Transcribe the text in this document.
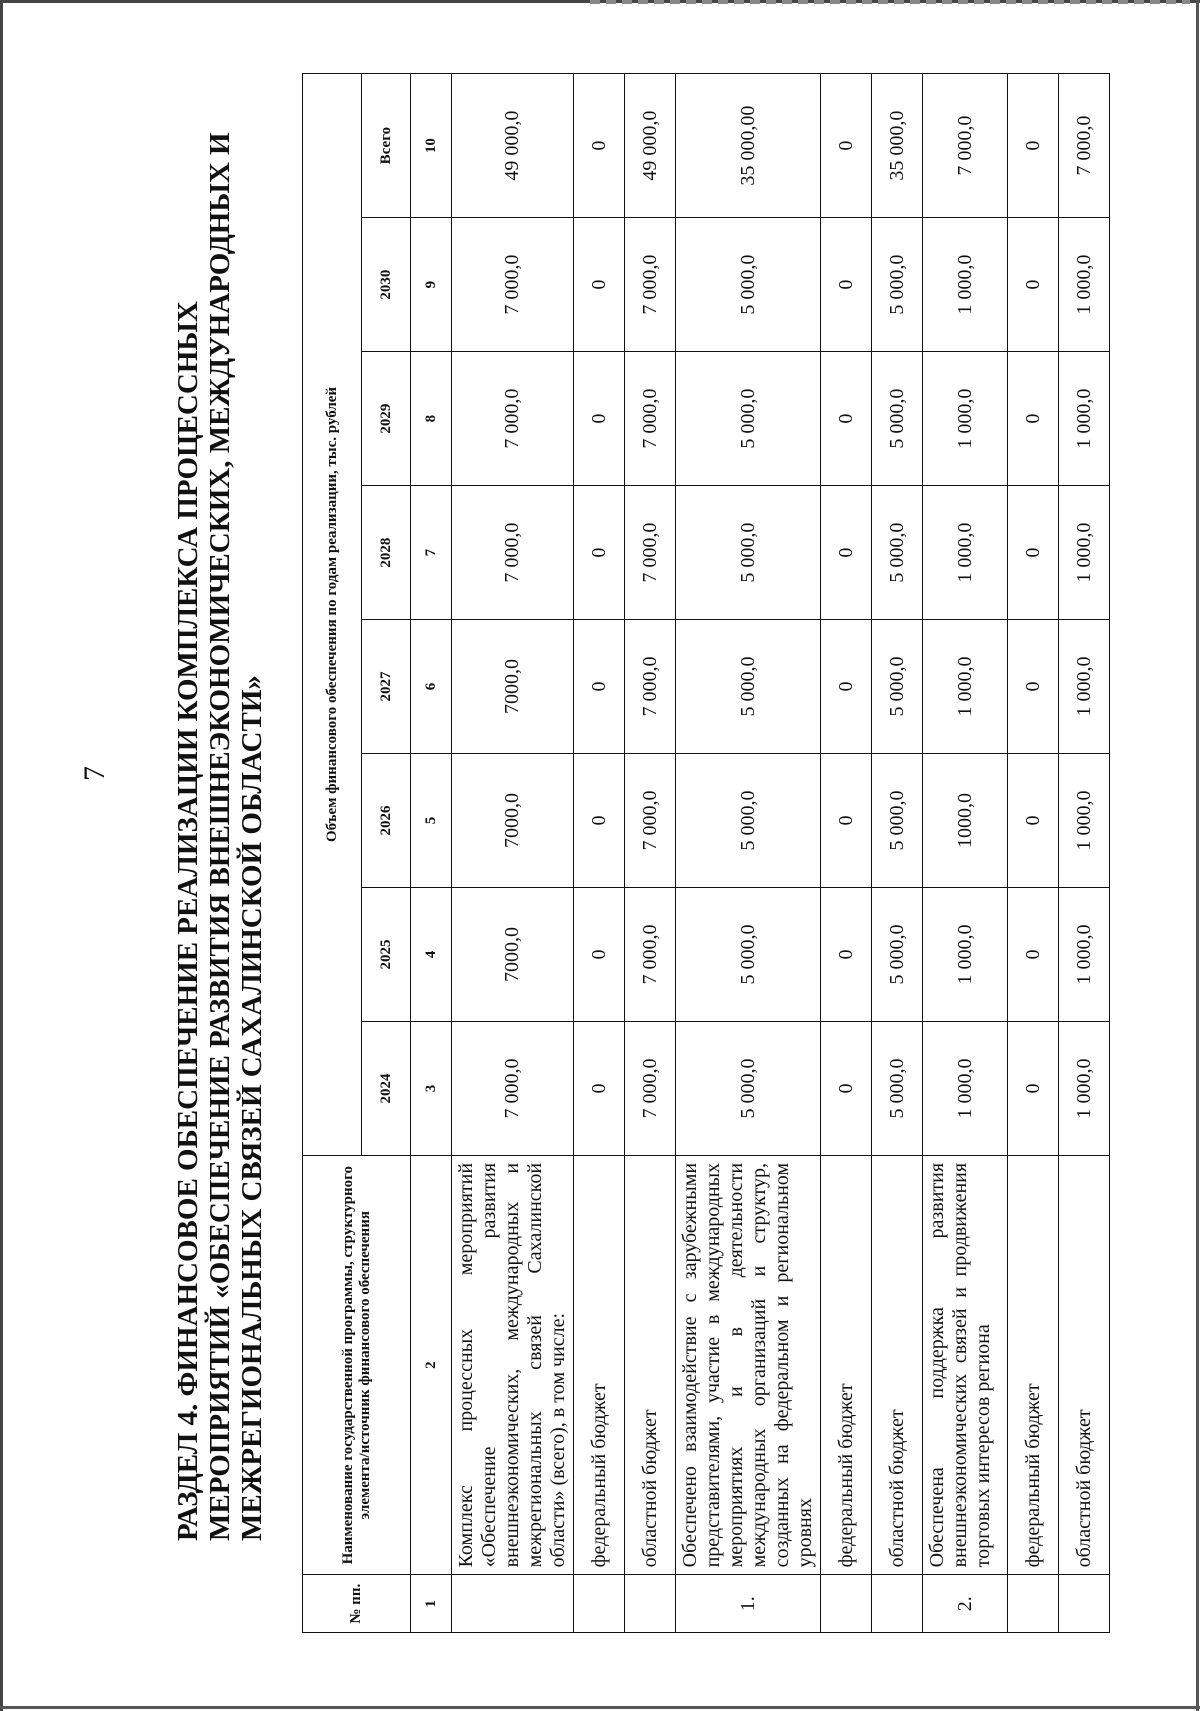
7 РАЗДЕЛ 4. ФИНАНСОВОЕ ОБЕСПЕЧЕНИЕ РЕАЛИЗАЦИИ КОМПЛЕКСА ПРОЦЕССНЫХ МЕРОПРИЯТИЙ «ОБЕСПЕЧЕНИЕ РАЗВИТИЯ ВНЕШНЕЭКОНОМИЧЕСКИХ, МЕЖДУНАРОДНЫХ И МЕЖРЕГИОНАЛЬНЫХ СВЯЗЕЙ САХАЛИНСКОЙ ОБЛАСТИ»
№ пп.	Наименование государственной программы, структурного элемента/источник финансового обеспечения	Объем финансового обеспечения по годам реализации, тыс. рублей							
		2024	2025	2026	2027	2028	2029	2030	Всего
1	2	3	4	5	6	7	8	9	10
	Комплекс процессных мероприятий «Обеспечение развития внешнеэкономических, международных и межрегиональных связей Сахалинской области» (всего), в том числе:	7 000,0	7000,0	7000,0	7000,0	7 000,0	7 000,0	7 000,0	49 000,0
	федеральный бюджет	0	0	0	0	0	0	0	0
	областной бюджет	7 000,0	7 000,0	7 000,0	7 000,0	7 000,0	7 000,0	7 000,0	49 000,0
1.	Обеспечено взаимодействие с зарубежными представителями, участие в международных мероприятиях и в деятельности международных организаций и структур, созданных на федеральном и региональном уровнях	5 000,0	5 000,0	5 000,0	5 000,0	5 000,0	5 000,0	5 000,0	35 000,00
	федеральный бюджет	0	0	0	0	0	0	0	0
	областной бюджет	5 000,0	5 000,0	5 000,0	5 000,0	5 000,0	5 000,0	5 000,0	35 000,0
2.	Обеспечена поддержка развития внешнеэкономических связей и продвижения торговых интересов региона	1 000,0	1 000,0	1000,0	1 000,0	1 000,0	1 000,0	1 000,0	7 000,0
	федеральный бюджет	0	0	0	0	0	0	0	0
	областной бюджет	1 000,0	1 000,0	1 000,0	1 000,0	1 000,0	1 000,0	1 000,0	7 000,0
